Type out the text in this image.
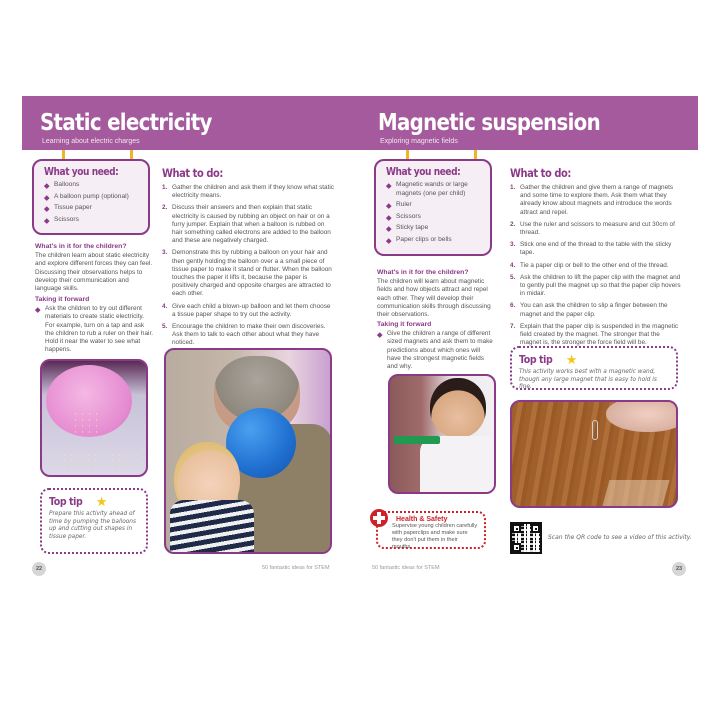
Static electricity
Learning about electric charges
What you need:
Balloons
A balloon pump (optional)
Tissue paper
Scissors
What's in it for the children?
The children learn about static electricity and explore different forces they can feel. Discussing their observations helps to develop their communication and language skills.
Taking it forward
Ask the children to try out different materials to create static electricity. For example, turn on a tap and ask the children to rub a ruler on their hair. Hold it near the water to see what happens.
What to do:
1. Gather the children and ask them if they know what static electricity means.
2. Discuss their answers and then explain that static electricity is caused by rubbing an object on hair or on a furry jumper. Explain that when a balloon is rubbed on hair something called electrons are added to the balloon and these are negatively charged.
3. Demonstrate this by rubbing a balloon on your hair and then gently holding the balloon over a a small piece of tissue paper to make it stand or flutter. When the balloon touches the paper it lifts it, because the paper is positively charged and opposite charges are attracted to each other.
4. Give each child a blown-up balloon and let them choose a tissue paper shape to try out the activity.
5. Encourage the children to make their own discoveries. Ask them to talk to each other about what they have noticed.
Top tip ★
Prepare this activity ahead of time by pumping the balloons up and cutting out shapes in tissue paper.
22	50 fantastic ideas for STEM
Magnetic suspension
Exploring magnetic fields
What you need:
Magnetic wands or large magnets (one per child)
Ruler
Scissors
Sticky tape
Paper clips or bells
What's in it for the children?
The children will learn about magnetic fields and how objects attract and repel each other. They will develop their communication skills through discussing their observations.
Taking it forward
Give the children a range of different sized magnets and ask them to make predictions about which ones will have the strongest magnetic fields and why.
What to do:
1. Gather the children and give them a range of magnets and some time to explore them. Ask them what they already know about magnets and introduce the words attract and repel.
2. Use the ruler and scissors to measure and cut 30cm of thread.
3. Stick one end of the thread to the table with the sticky tape.
4. Tie a paper clip or bell to the other end of the thread.
5. Ask the children to lift the paper clip with the magnet and to gently pull the magnet up so that the paper clip hovers in midair.
6. You can ask the children to slip a finger between the magnet and the paper clip.
7. Explain that the paper clip is suspended in the magnetic field created by the magnet. The stronger that the magnet is, the stronger the force field will be.
Top tip ★
This activity works best with a magnetic wand, though any large magnet that is easy to hold is fine.
Health & Safety
Supervise young children carefully with paperclips and make sure they don't put them in their mouths.
Scan the QR code to see a video of this activity.
50 fantastic ideas for STEM	23
